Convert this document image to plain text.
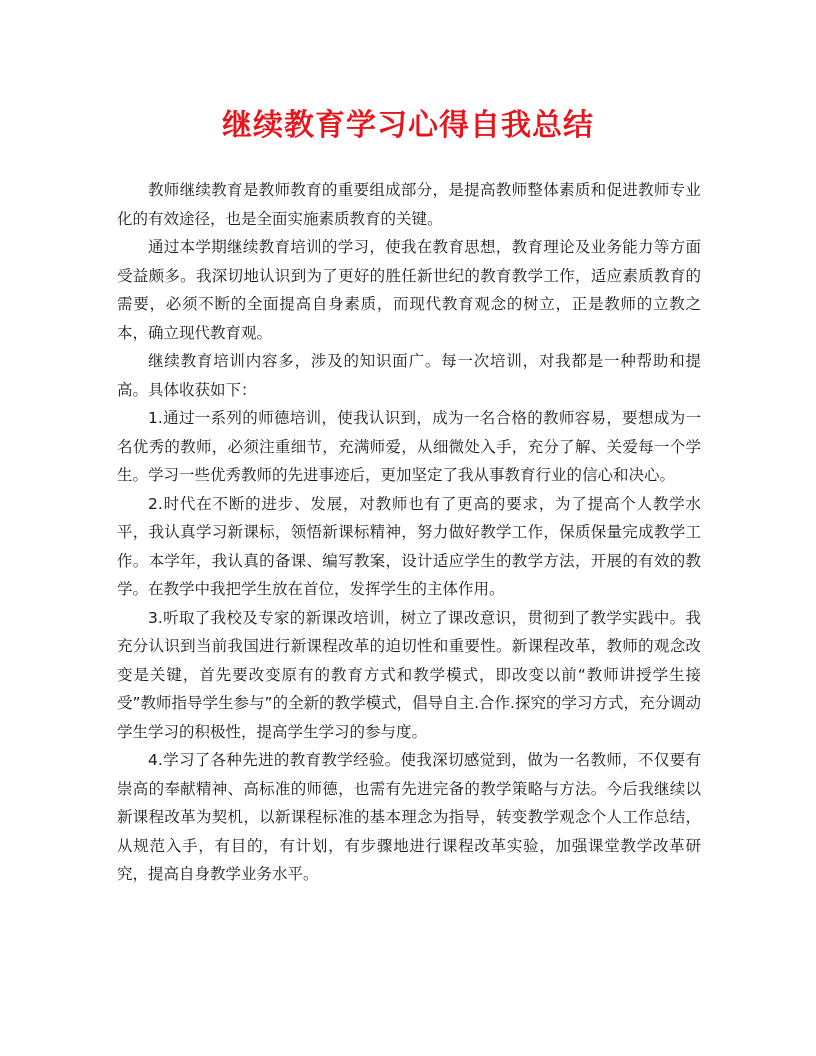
继续教育学习心得自我总结

教师继续教育是教师教育的重要组成部分，是提高教师整体素质和促进教师专业化的有效途径，也是全面实施素质教育的关键。

通过本学期继续教育培训的学习，使我在教育思想，教育理论及业务能力等方面受益颇多。我深切地认识到为了更好的胜任新世纪的教育教学工作，适应素质教育的需要，必须不断的全面提高自身素质，而现代教育观念的树立，正是教师的立教之本，确立现代教育观。

继续教育培训内容多，涉及的知识面广。每一次培训，对我都是一种帮助和提高。具体收获如下：

1.通过一系列的师德培训，使我认识到，成为一名合格的教师容易，要想成为一名优秀的教师，必须注重细节，充满师爱，从细微处入手，充分了解、关爱每一个学生。学习一些优秀教师的先进事迹后，更加坚定了我从事教育行业的信心和决心。

2.时代在不断的进步、发展，对教师也有了更高的要求，为了提高个人教学水平，我认真学习新课标，领悟新课标精神，努力做好教学工作，保质保量完成教学工作。本学年，我认真的备课、编写教案，设计适应学生的教学方法，开展的有效的教学。在教学中我把学生放在首位，发挥学生的主体作用。

3.听取了我校及专家的新课改培训，树立了课改意识，贯彻到了教学实践中。我充分认识到当前我国进行新课程改革的迫切性和重要性。新课程改革，教师的观念改变是关键，首先要改变原有的教育方式和教学模式，即改变以前“教师讲授学生接受”教师指导学生参与”的全新的教学模式，倡导自主.合作.探究的学习方式，充分调动学生学习的积极性，提高学生学习的参与度。

4.学习了各种先进的教育教学经验。使我深切感觉到，做为一名教师，不仅要有崇高的奉献精神、高标准的师德，也需有先进完备的教学策略与方法。今后我继续以新课程改革为契机，以新课程标准的基本理念为指导，转变教学观念个人工作总结，从规范入手，有目的，有计划，有步骤地进行课程改革实验，加强课堂教学改革研究，提高自身教学业务水平。
